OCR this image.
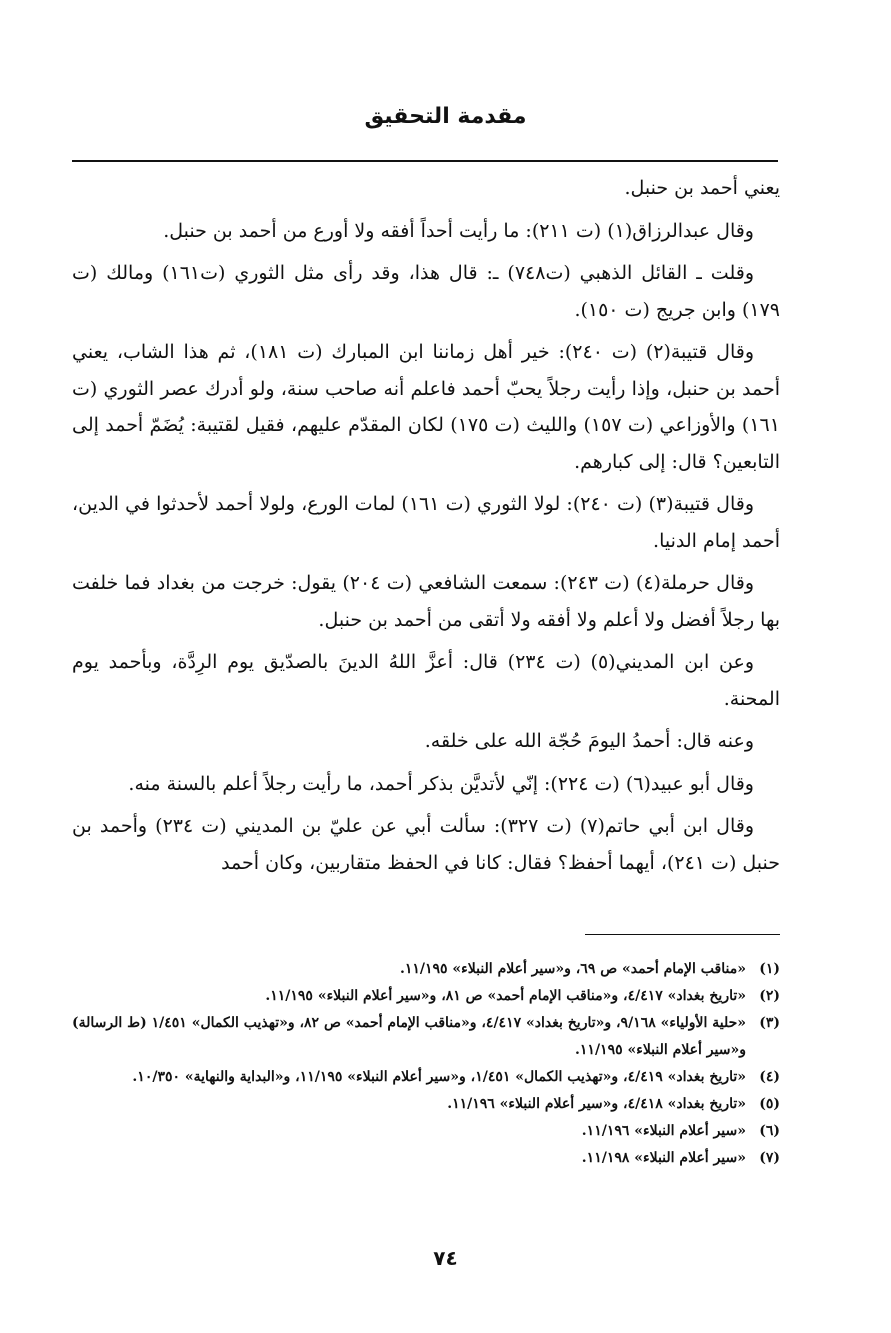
مقدمة التحقيق

يعني أحمد بن حنبل.

وقال عبدالرزاق(١) (ت ٢١١): ما رأيت أحداً أفقه ولا أورع من أحمد بن حنبل.

وقلت ـ القائل الذهبي (ت٧٤٨) ـ: قال هذا، وقد رأى مثل الثوري (ت١٦١) ومالك (ت ١٧٩) وابن جريج (ت ١٥٠).

وقال قتيبة(٢) (ت ٢٤٠): خير أهل زماننا ابن المبارك (ت ١٨١)، ثم هذا الشاب، يعني أحمد بن حنبل، وإذا رأيت رجلاً يحبّ أحمد فاعلم أنه صاحب سنة، ولو أدرك عصر الثوري (ت ١٦١) والأوزاعي (ت ١٥٧) والليث (ت ١٧٥) لكان المقدّم عليهم، فقيل لقتيبة: يُضَمّ أحمد إلى التابعين؟ قال: إلى كبارهم.

وقال قتيبة(٣) (ت ٢٤٠): لولا الثوري (ت ١٦١) لمات الورع، ولولا أحمد لأحدثوا في الدين، أحمد إمام الدنيا.

وقال حرملة(٤) (ت ٢٤٣): سمعت الشافعي (ت ٢٠٤) يقول: خرجت من بغداد فما خلفت بها رجلاً أفضل ولا أعلم ولا أفقه ولا أتقى من أحمد بن حنبل.

وعن ابن المديني(٥) (ت ٢٣٤) قال: أعزَّ اللهُ الدينَ بالصدّيق يوم الرِدَّة، وبأحمد يوم المحنة.

وعنه قال: أحمدُ اليومَ حُجّة الله على خلقه.

وقال أبو عبيد(٦) (ت ٢٢٤): إنّي لأتديَّن بذكر أحمد، ما رأيت رجلاً أعلم بالسنة منه.

وقال ابن أبي حاتم(٧) (ت ٣٢٧): سألت أبي عن عليّ بن المديني (ت ٢٣٤) وأحمد بن حنبل (ت ٢٤١)، أيهما أحفظ؟ فقال: كانا في الحفظ متقاربين، وكان أحمد

(١)
«مناقب الإمام أحمد» ص ٦٩، و«سير أعلام النبلاء» ١١/١٩٥.
(٢)
«تاريخ بغداد» ٤/٤١٧، و«مناقب الإمام أحمد» ص ٨١، و«سير أعلام النبلاء» ١١/١٩٥.
(٣)
«حلية الأولياء» ٩/١٦٨، و«تاريخ بغداد» ٤/٤١٧، و«مناقب الإمام أحمد» ص ٨٢، و«تهذيب الكمال» ١/٤٥١ (ط الرسالة) و«سير أعلام النبلاء» ١١/١٩٥.
(٤)
«تاريخ بغداد» ٤/٤١٩، و«تهذيب الكمال» ١/٤٥١، و«سير أعلام النبلاء» ١١/١٩٥، و«البداية والنهاية» ١٠/٣٥٠.
(٥)
«تاريخ بغداد» ٤/٤١٨، و«سير أعلام النبلاء» ١١/١٩٦.
(٦)
«سير أعلام النبلاء» ١١/١٩٦.
(٧)
«سير أعلام النبلاء» ١١/١٩٨.

٧٤
